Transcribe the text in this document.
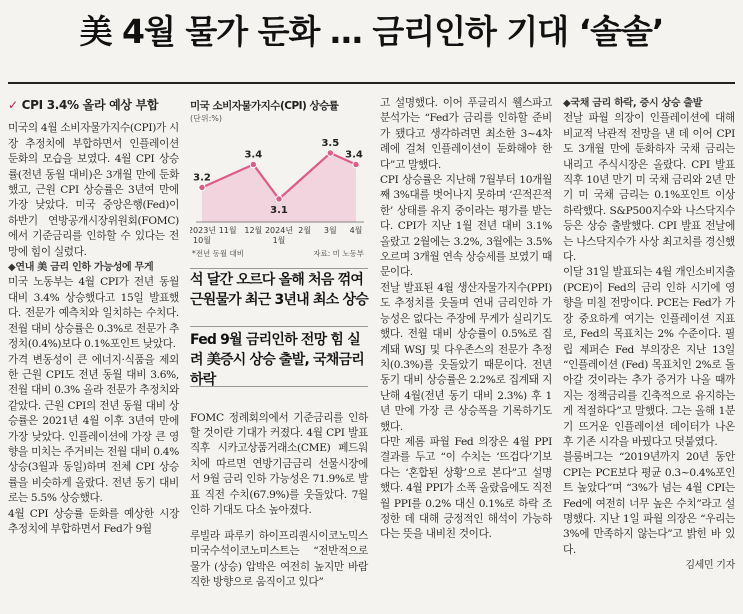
美 4월 물가 둔화 … 금리인하 기대 ‘솔솔’
✓ CPI 3.4% 올라 예상 부합

미국의 4월 소비자물가지수(CPI)가 시장 추정치에 부합하면서 인플레이션 둔화의 모습을 보였다. 4월 CPI 상승률(전년 동월 대비)은 3개월 만에 둔화했고, 근원 CPI 상승률은 3년여 만에 가장 낮았다. 미국 중앙은행(Fed)이 하반기 연방공개시장위원회(FOMC)에서 기준금리를 인하할 수 있다는 전망에 힘이 실렸다.

◆연내 美 금리 인하 가능성에 무게

미국 노동부는 4월 CPI가 전년 동월 대비 3.4% 상승했다고 15일 발표했다. 전문가 예측치와 일치하는 수치다. 전월 대비 상승률은 0.3%로 전문가 추정치(0.4%)보다 0.1%포인트 낮았다.

가격 변동성이 큰 에너지·식품을 제외한 근원 CPI도 전년 동월 대비 3.6%, 전월 대비 0.3% 올라 전문가 추정치와 같았다. 근원 CPI의 전년 동월 대비 상승률은 2021년 4월 이후 3년여 만에 가장 낮았다. 인플레이션에 가장 큰 영향을 미치는 주거비는 전월 대비 0.4% 상승(3월과 동일)하며 전체 CPI 상승률을 비슷하게 올랐다. 전년 동기 대비로는 5.5% 상승했다.

4월 CPI 상승률 둔화를 예상한 시장 추정치에 부합하면서 Fed가 9월

미국 소비자물가지수(CPI) 상승률
(단위:%)
3.2
3.4
3.1
3.5
3.4
2023년
10월
11월 12월 2024년
1월
2월 3월 4월
*전년 동월 대비	자료: 미 노동부
석 달간 오르다 올해 처음 꺾여 근원물가 최근 3년내 최소 상승
Fed 9월 금리인하 전망 힘 실려 美증시 상승 출발, 국채금리 하락

FOMC 정례회의에서 기준금리를 인하할 것이란 기대가 커졌다. 4월 CPI 발표 직후 시카고상품거래소(CME) 페드워치에 따르면 연방기금금리 선물시장에서 9월 금리 인하 가능성은 71.9%로 발표 직전 수치(67.9%)를 웃돌았다. 7월 인하 기대도 다소 높아졌다.

루빌라 파루키 하이프리퀀시이코노믹스 미국수석이코노미스트는 “전반적으로 물가 (상승) 압박은 여전히 높지만 바람직한 방향으로 움직이고 있다”

고 설명했다. 이어 푸글리시 웰스파고 분석가는 “Fed가 금리를 인하할 준비가 됐다고 생각하려면 최소한 3~4차례에 걸쳐 인플레이션이 둔화해야 한다”고 말했다.

CPI 상승률은 지난해 7월부터 10개월째 3%대를 벗어나지 못하며 ‘끈적끈적한’ 상태를 유지 중이라는 평가를 받는다. CPI가 지난 1월 전년 대비 3.1% 올랐고 2월에는 3.2%, 3월에는 3.5% 오르며 3개월 연속 상승세를 보였기 때문이다.

전날 발표된 4월 생산자물가지수(PPI)도 추정치를 웃돌며 연내 금리인하 가능성은 없다는 주장에 무게가 실리기도 했다. 전월 대비 상승률이 0.5%로 집계돼 WSJ 및 다우존스의 전문가 추정치(0.3%)를 웃돌았기 때문이다. 전년 동기 대비 상승률은 2.2%로 집계돼 지난해 4월(전년 동기 대비 2.3%) 후 1년 만에 가장 큰 상승폭을 기록하기도 했다.

다만 제롬 파월 Fed 의장은 4월 PPI 결과를 두고 “이 수치는 ‘뜨겁다’기보다는 ‘혼합된 상황’으로 본다”고 설명했다. 4월 PPI가 소폭 올랐음에도 직전 월 PPI를 0.2% 대신 0.1%로 하락 조정한 데 대해 긍정적인 해석이 가능하다는 뜻을 내비친 것이다.

◆국채 금리 하락, 증시 상승 출발

전날 파월 의장이 인플레이션에 대해 비교적 낙관적 전망을 낸 데 이어 CPI도 3개월 만에 둔화하자 국채 금리는 내리고 주식시장은 올랐다. CPI 발표 직후 10년 만기 미 국채 금리와 2년 만기 미 국채 금리는 0.1%포인트 이상 하락했다. S&P500지수와 나스닥지수 등은 상승 출발했다. CPI 발표 전날에는 나스닥지수가 사상 최고치를 경신했다.

이달 31일 발표되는 4월 개인소비지출(PCE)이 Fed의 금리 인하 시기에 영향을 미칠 전망이다. PCE는 Fed가 가장 중요하게 여기는 인플레이션 지표로, Fed의 목표치는 2% 수준이다. 필립 제퍼슨 Fed 부의장은 지난 13일 “인플레이션 (Fed) 목표치인 2%로 돌아갈 것이라는 추가 증거가 나올 때까지는 정책금리를 긴축적으로 유지하는 게 적절하다”고 말했다. 그는 올해 1분기 뜨거운 인플레이션 데이터가 나온 후 기존 시각을 바꿨다고 덧붙였다.

블룸버그는 “2019년까지 20년 동안 CPI는 PCE보다 평균 0.3~0.4%포인트 높았다”며 “3%가 넘는 4월 CPI는 Fed에 여전히 너무 높은 수치”라고 설명했다. 지난 1일 파월 의장은 “우리는 3%에 만족하지 않는다”고 밝힌 바 있다.

김세민 기자
